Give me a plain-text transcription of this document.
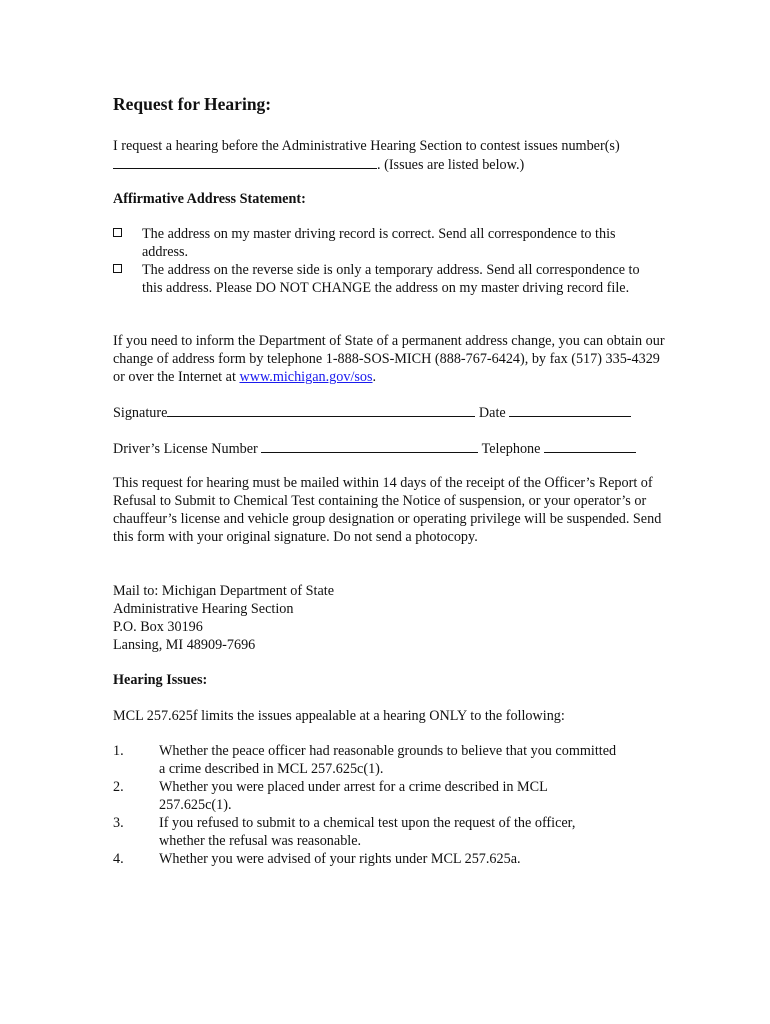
Request for Hearing:

I request a hearing before the Administrative Hearing Section to contest issues number(s) . (Issues are listed below.)

Affirmative Address Statement:

The address on my master driving record is correct. Send all correspondence to this address.
The address on the reverse side is only a temporary address. Send all correspondence to this address. Please DO NOT CHANGE the address on my master driving record file.

If you need to inform the Department of State of a permanent address change, you can obtain our change of address form by telephone 1-888-SOS-MICH (888-767-6424), by fax (517) 335-4329 or over the Internet at www.michigan.gov/sos.

Signature	Date
Driver’s License Number	Telephone

This request for hearing must be mailed within 14 days of the receipt of the Officer’s Report of Refusal to Submit to Chemical Test containing the Notice of suspension, or your operator’s or chauffeur’s license and vehicle group designation or operating privilege will be suspended. Send this form with your original signature. Do not send a photocopy.

Mail to: Michigan Department of State
Administrative Hearing Section
P.O. Box 30196
Lansing, MI 48909-7696

Hearing Issues:

MCL 257.625f limits the issues appealable at a hearing ONLY to the following:

1. Whether the peace officer had reasonable grounds to believe that you committed a crime described in MCL 257.625c(1).
2. Whether you were placed under arrest for a crime described in MCL 257.625c(1).
3. If you refused to submit to a chemical test upon the request of the officer, whether the refusal was reasonable.
4. Whether you were advised of your rights under MCL 257.625a.
